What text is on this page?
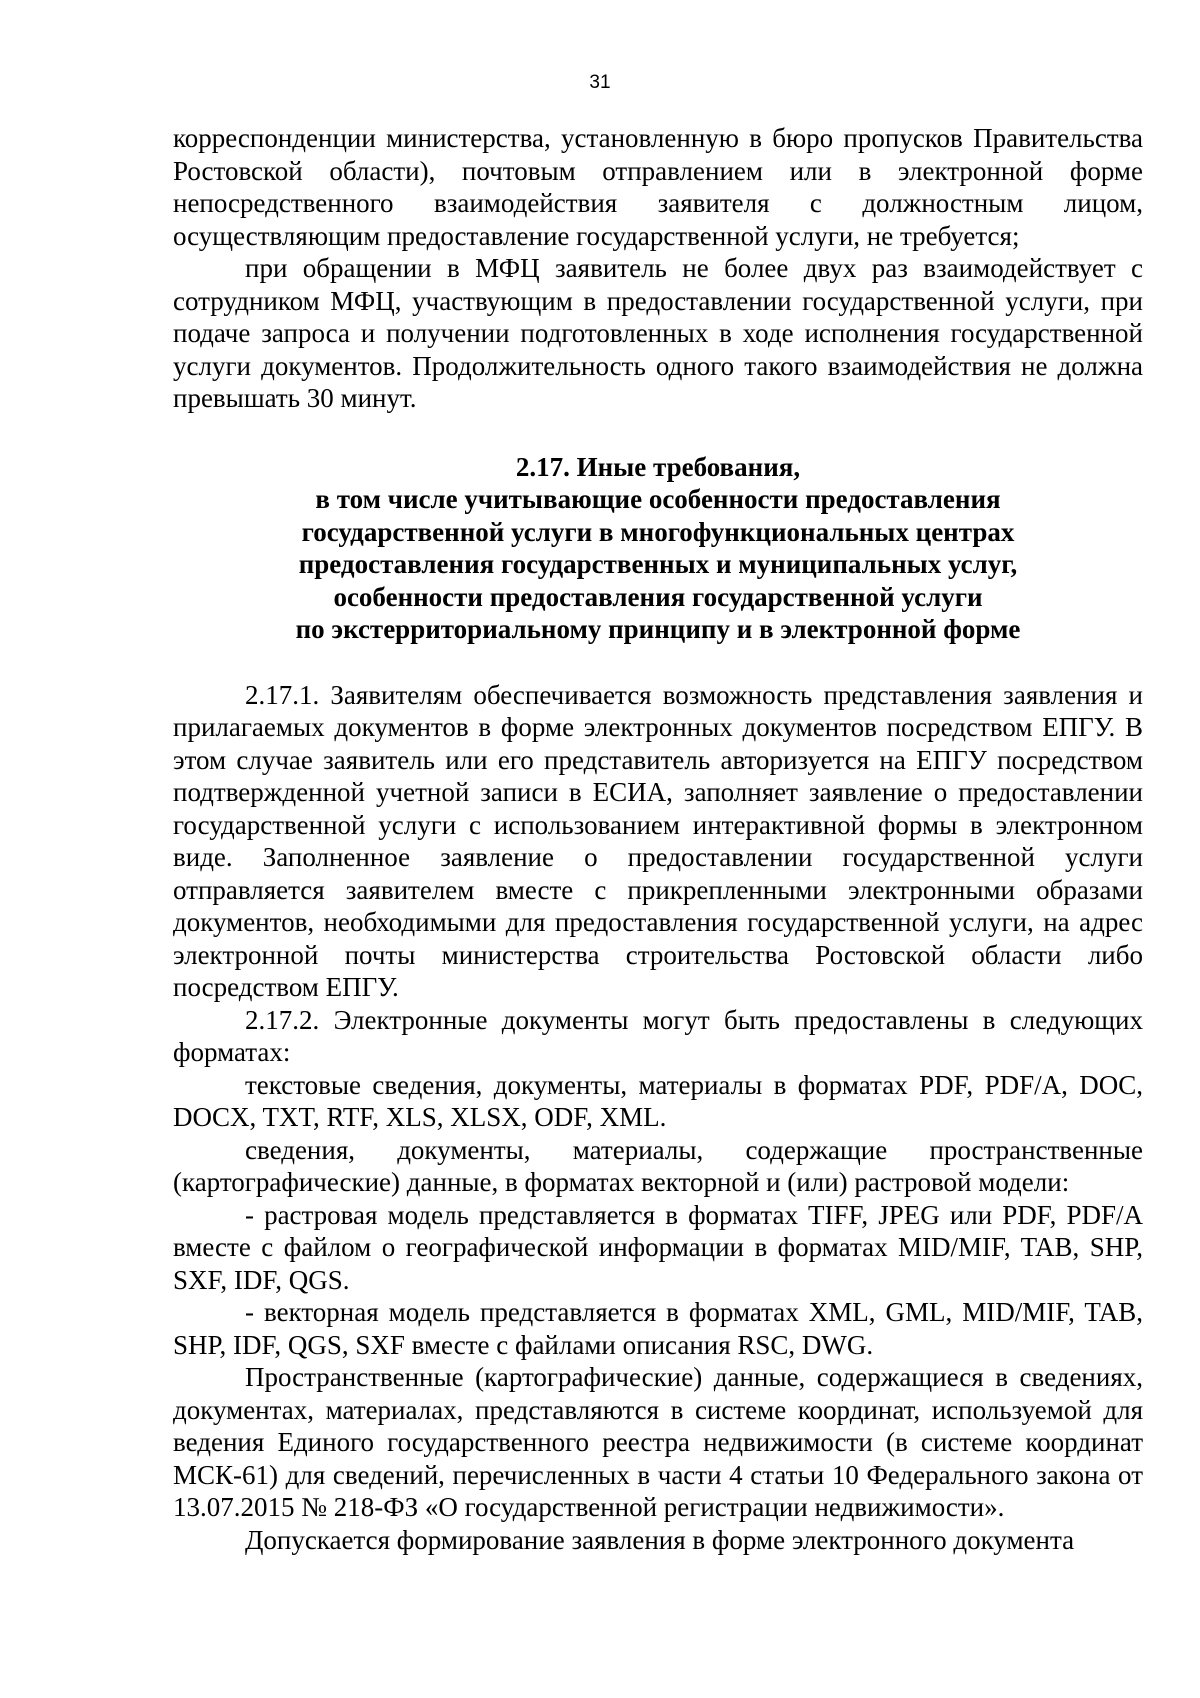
31

корреспонденции министерства, установленную в бюро пропусков Правительства Ростовской области), почтовым отправлением или в электронной форме непосредственного взаимодействия заявителя с должностным лицом, осуществляющим предоставление государственной услуги, не требуется;

при обращении в МФЦ заявитель не более двух раз взаимодействует с сотрудником МФЦ, участвующим в предоставлении государственной услуги, при подаче запроса и получении подготовленных в ходе исполнения государственной услуги документов. Продолжительность одного такого взаимодействия не должна превышать 30 минут.

2.17. Иные требования,
в том числе учитывающие особенности предоставления
государственной услуги в многофункциональных центрах
предоставления государственных и муниципальных услуг,
особенности предоставления государственной услуги
по экстерриториальному принципу и в электронной форме

2.17.1. Заявителям обеспечивается возможность представления заявления и прилагаемых документов в форме электронных документов посредством ЕПГУ. В этом случае заявитель или его представитель авторизуется на ЕПГУ посредством подтвержденной учетной записи в ЕСИА, заполняет заявление о предоставлении государственной услуги с использованием интерактивной формы в электронном виде. Заполненное заявление о предоставлении государственной услуги отправляется заявителем вместе с прикрепленными электронными образами документов, необходимыми для предоставления государственной услуги, на адрес электронной почты министерства строительства Ростовской области либо посредством ЕПГУ.

2.17.2. Электронные документы могут быть предоставлены в следующих форматах:

текстовые сведения, документы, материалы в форматах PDF, PDF/A, DOC, DOCX, TXT, RTF, XLS, XLSX, ODF, XML.

сведения, документы, материалы, содержащие пространственные (картографические) данные, в форматах векторной и (или) растровой модели:

- растровая модель представляется в форматах TIFF, JPEG или PDF, PDF/A вместе с файлом о географической информации в форматах MID/MIF, TAB, SHP, SXF, IDF, QGS.

- векторная модель представляется в форматах XML, GML, MID/MIF, TAB, SHP, IDF, QGS, SXF вместе с файлами описания RSC, DWG.

Пространственные (картографические) данные, содержащиеся в сведениях, документах, материалах, представляются в системе координат, используемой для ведения Единого государственного реестра недвижимости (в системе координат МСК-61) для сведений, перечисленных в части 4 статьи 10 Федерального закона от 13.07.2015 № 218-ФЗ «О государственной регистрации недвижимости».

Допускается формирование заявления в форме электронного документа
